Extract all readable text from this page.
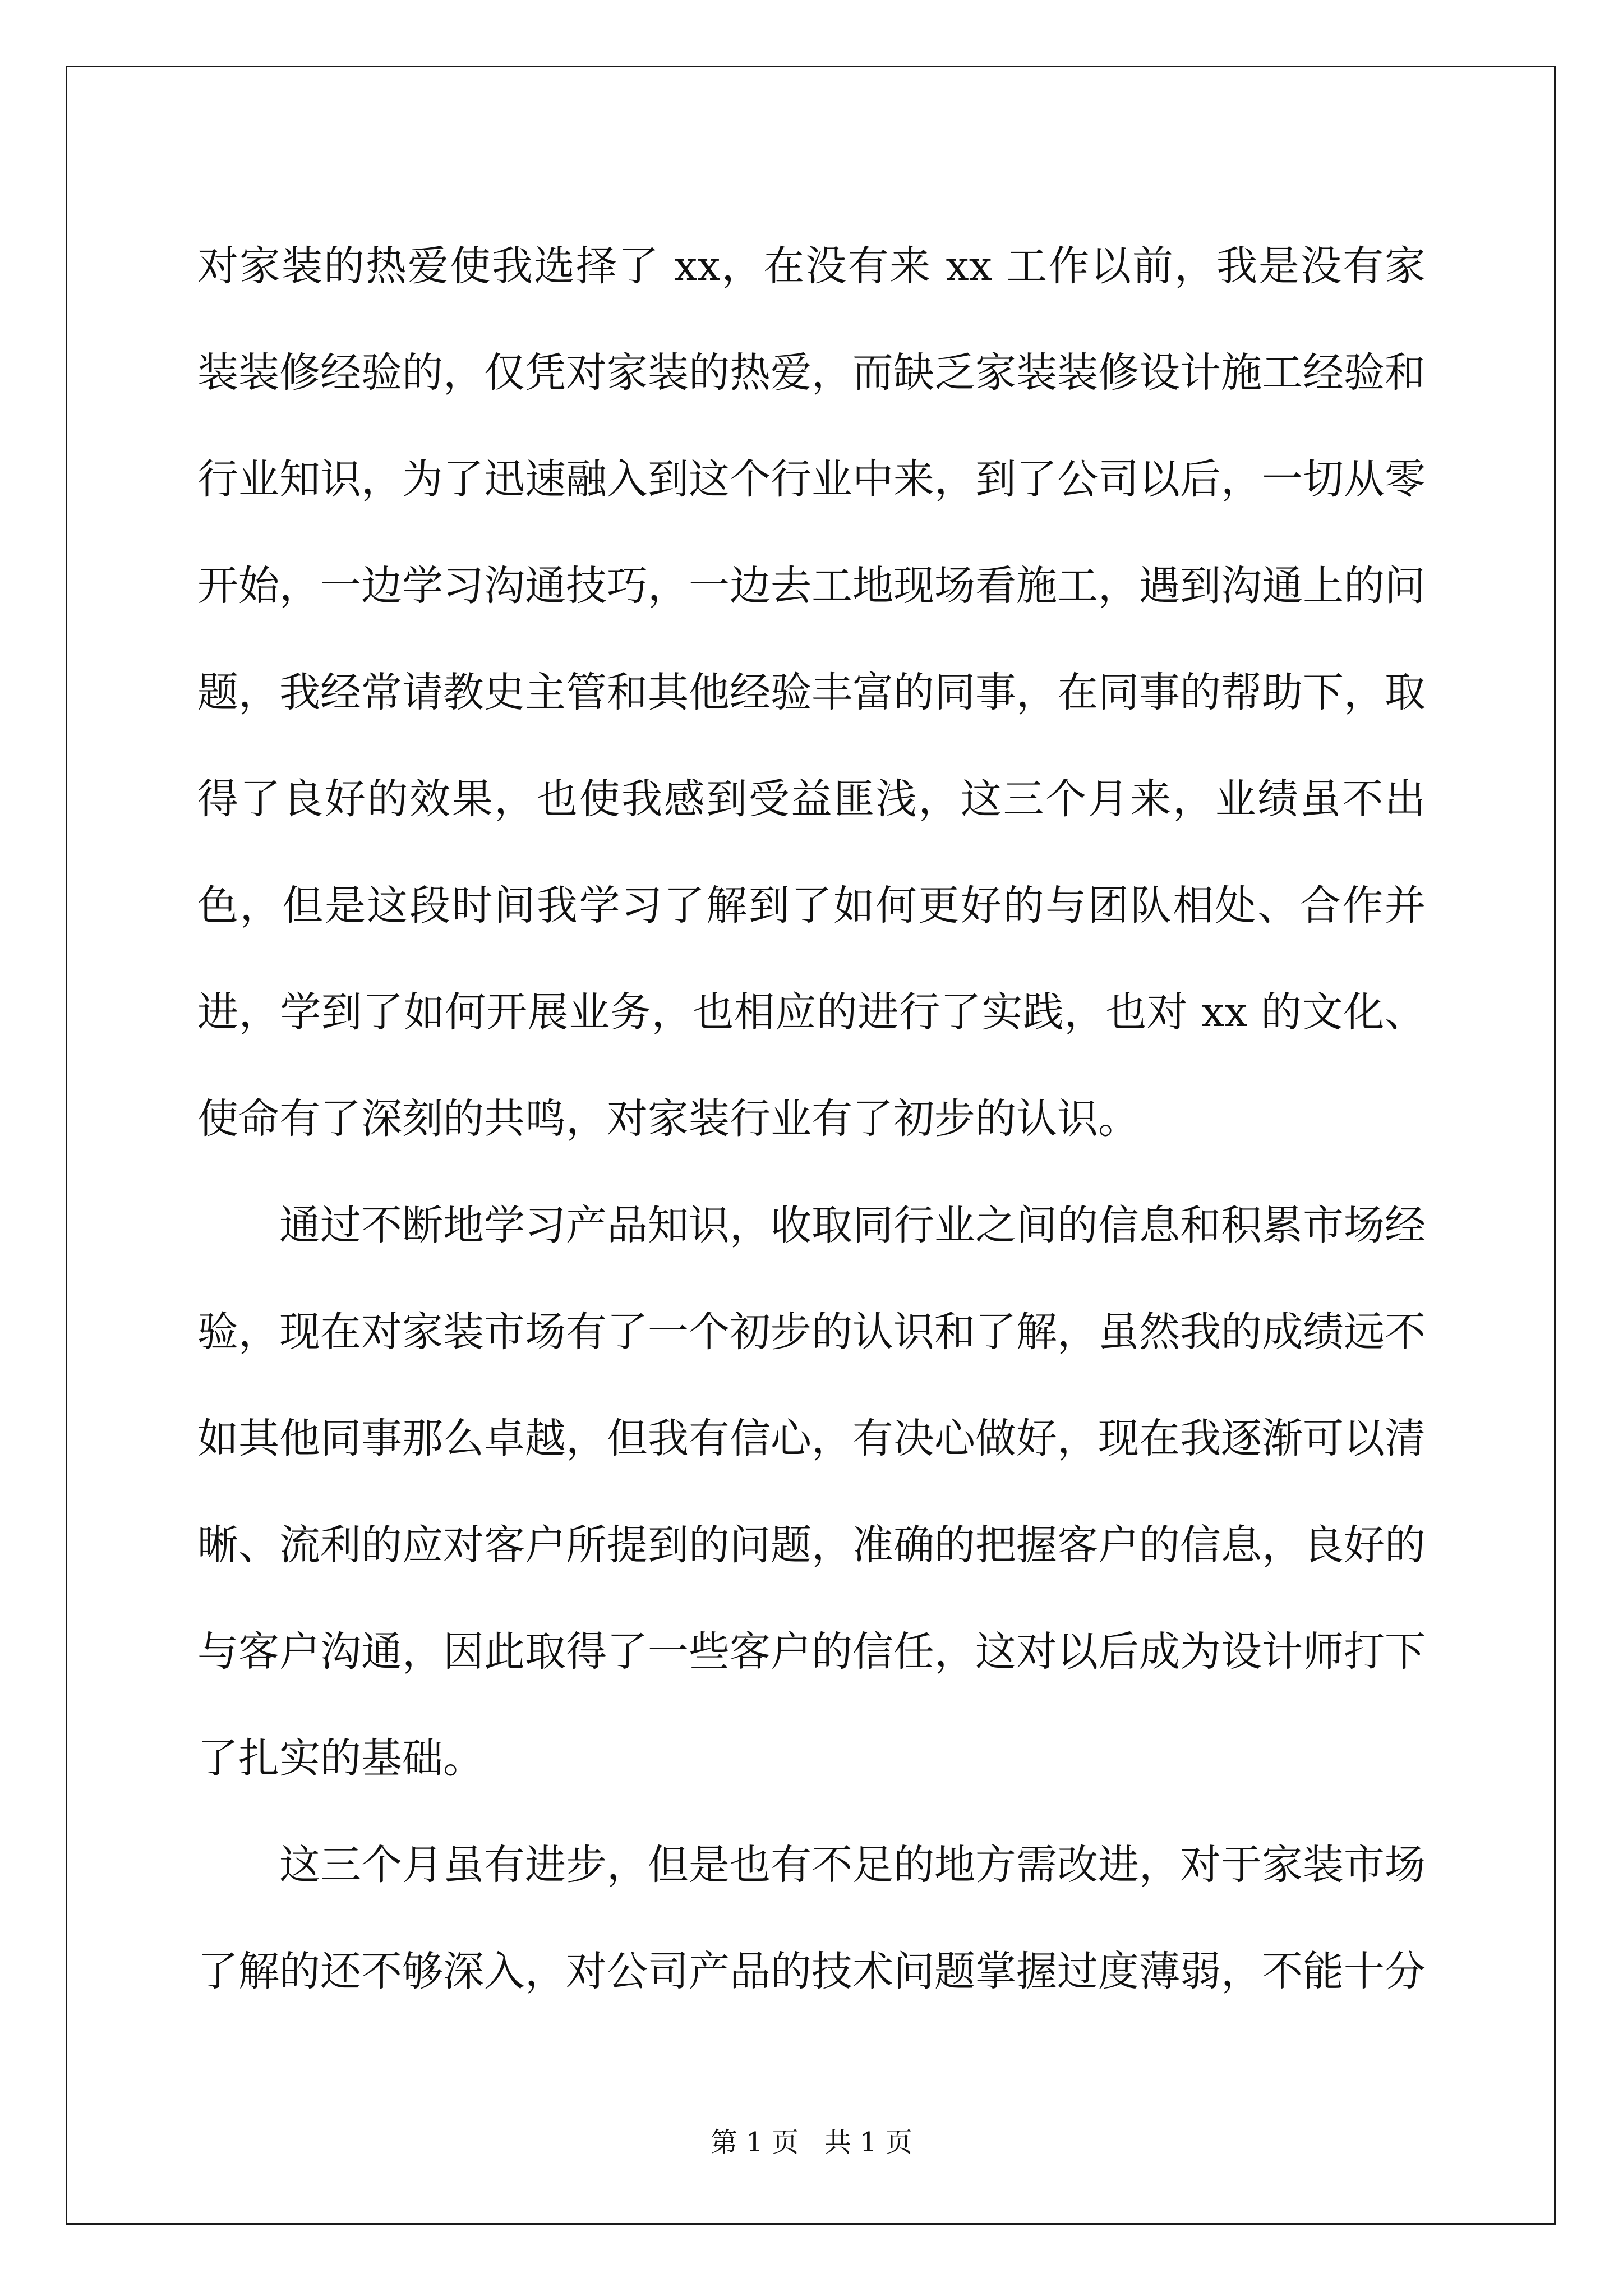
对家装的热爱使我选择了 xx，在没有来 xx 工作以前，我是没有家装装修经验的，仅凭对家装的热爱，而缺乏家装装修设计施工经验和行业知识，为了迅速融入到这个行业中来，到了公司以后，一切从零开始，一边学习沟通技巧，一边去工地现场看施工，遇到沟通上的问题，我经常请教史主管和其他经验丰富的同事，在同事的帮助下，取得了良好的效果，也使我感到受益匪浅，这三个月来，业绩虽不出色，但是这段时间我学习了解到了如何更好的与团队相处、合作并进，学到了如何开展业务，也相应的进行了实践，也对 xx 的文化、使命有了深刻的共鸣，对家装行业有了初步的认识。

通过不断地学习产品知识，收取同行业之间的信息和积累市场经验，现在对家装市场有了一个初步的认识和了解，虽然我的成绩远不如其他同事那么卓越，但我有信心，有决心做好，现在我逐渐可以清晰、流利的应对客户所提到的问题，准确的把握客户的信息，良好的与客户沟通，因此取得了一些客户的信任，这对以后成为设计师打下了扎实的基础。

这三个月虽有进步，但是也有不足的地方需改进，对于家装市场了解的还不够深入，对公司产品的技术问题掌握过度薄弱，不能十分

第 1 页   共 1 页
